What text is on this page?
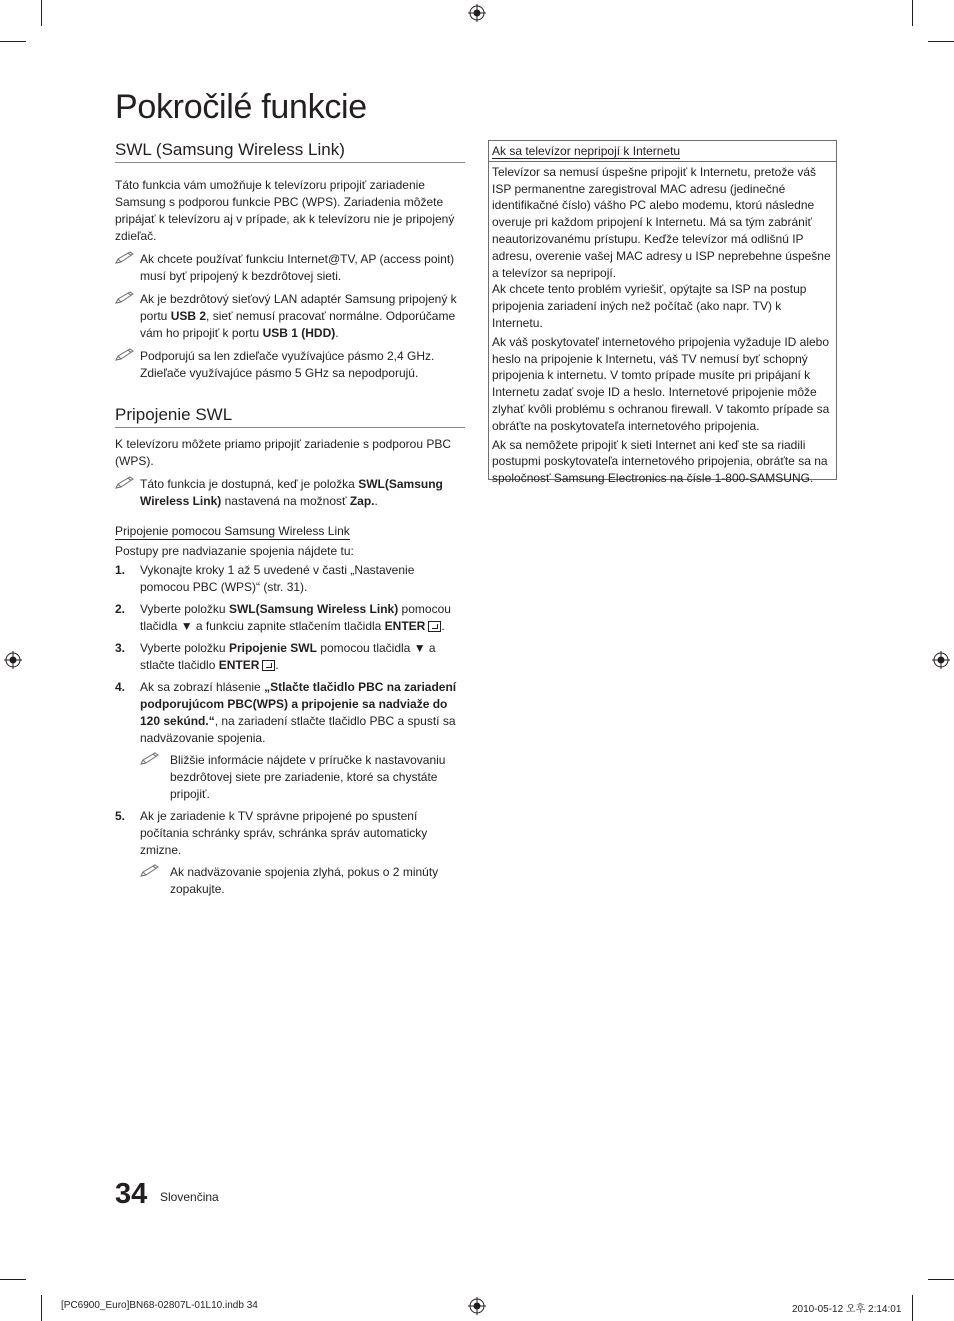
Pokročilé funkcie
SWL (Samsung Wireless Link)

Táto funkcia vám umožňuje k televízoru pripojiť zariadenie Samsung s podporou funkcie PBC (WPS). Zariadenia môžete pripájať k televízoru aj v prípade, ak k televízoru nie je pripojený zdieľač.

Ak chcete používať funkciu Internet@TV, AP (access point) musí byť pripojený k bezdrôtovej sieti.

Ak je bezdrôtový sieťový LAN adaptér Samsung pripojený k portu USB 2, sieť nemusí pracovať normálne. Odporúčame vám ho pripojiť k portu USB 1 (HDD).

Podporujú sa len zdieľače využívajúce pásmo 2,4 GHz. Zdieľače využívajúce pásmo 5 GHz sa nepodporujú.

Pripojenie SWL

K televízoru môžete priamo pripojiť zariadenie s podporou PBC (WPS).

Táto funkcia je dostupná, keď je položka SWL(Samsung Wireless Link) nastavená na možnosť Zap..

Pripojenie pomocou Samsung Wireless Link

Postupy pre nadviazanie spojenia nájdete tu:

1. Vykonajte kroky 1 až 5 uvedené v časti „Nastavenie pomocou PBC (WPS)“ (str. 31).

2. Vyberte položku SWL(Samsung Wireless Link) pomocou tlačidla ▼ a funkciu zapnite stlačením tlačidla ENTER .

3. Vyberte položku Pripojenie SWL pomocou tlačidla ▼ a stlačte tlačidlo ENTER .

4. Ak sa zobrazí hlásenie „Stlačte tlačidlo PBC na zariadení podporujúcom PBC(WPS) a pripojenie sa nadviaže do 120 sekúnd.“, na zariadení stlačte tlačidlo PBC a spustí sa nadväzovanie spojenia.

Bližšie informácie nájdete v príručke k nastavovaniu bezdrôtovej siete pre zariadenie, ktoré sa chystáte pripojiť.

5. Ak je zariadenie k TV správne pripojené po spustení počítania schránky správ, schránka správ automaticky zmizne.

Ak nadväzovanie spojenia zlyhá, pokus o 2 minúty zopakujte.

Ak sa televízor nepripojí k Internetu

Televízor sa nemusí úspešne pripojiť k Internetu, pretože váš ISP permanentne zaregistroval MAC adresu (jedinečné identifikačné číslo) vášho PC alebo modemu, ktorú následne overuje pri každom pripojení k Internetu. Má sa tým zabrániť neautorizovanému prístupu. Keďže televízor má odlišnú IP adresu, overenie vašej MAC adresy u ISP neprebehne úspešne a televízor sa nepripojí.

Ak chcete tento problém vyriešiť, opýtajte sa ISP na postup pripojenia zariadení iných než počítač (ako napr. TV) k Internetu.

Ak váš poskytovateľ internetového pripojenia vyžaduje ID alebo heslo na pripojenie k Internetu, váš TV nemusí byť schopný pripojenia k internetu. V tomto prípade musíte pri pripájaní k Internetu zadať svoje ID a heslo. Internetové pripojenie môže zlyhať kvôli problému s ochranou firewall. V takomto prípade sa obráťte na poskytovateľa internetového pripojenia.

Ak sa nemôžete pripojiť k sieti Internet ani keď ste sa riadili postupmi poskytovateľa internetového pripojenia, obráťte sa na spoločnosť Samsung Electronics na čísle 1-800-SAMSUNG.

34 Slovenčina
[PC6900_Euro]BN68-02807L-01L10.indb 34	2010-05-12 오후 2:14:01
